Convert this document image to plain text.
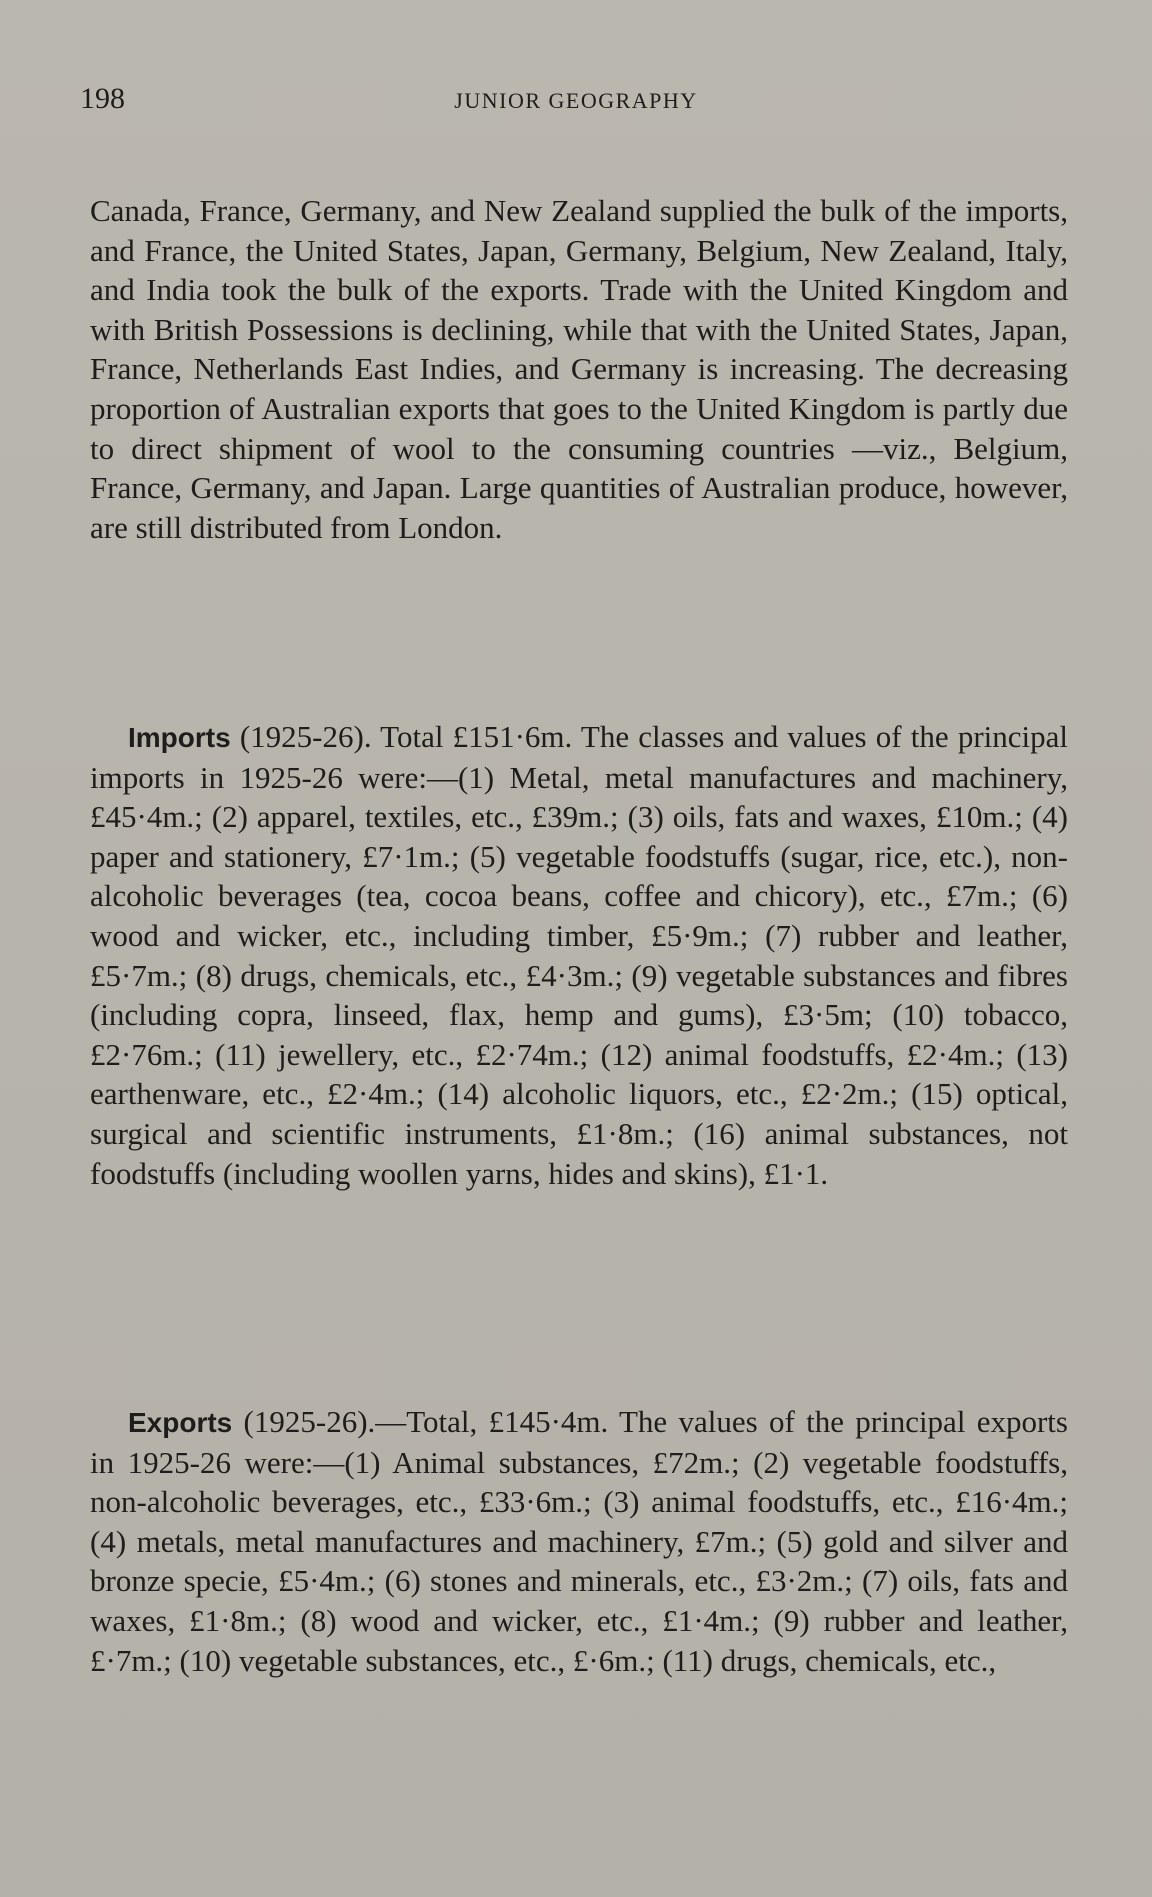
198	JUNIOR GEOGRAPHY

Canada, France, Germany, and New Zealand supplied the bulk of the imports, and France, the United States, Japan, Germany, Belgium, New Zealand, Italy, and India took the bulk of the exports. Trade with the United Kingdom and with British Possessions is declining, while that with the United States, Japan, France, Netherlands East Indies, and Germany is increasing. The decreasing proportion of Australian exports that goes to the United Kingdom is partly due to direct shipment of wool to the consuming countries —viz., Belgium, France, Germany, and Japan. Large quantities of Australian produce, however, are still distributed from London.

Imports (1925-26). Total £151·6m. The classes and values of the principal imports in 1925-26 were:—(1) Metal, metal manufactures and machinery, £45·4m.; (2) apparel, textiles, etc., £39m.; (3) oils, fats and waxes, £10m.; (4) paper and stationery, £7·1m.; (5) vegetable foodstuffs (sugar, rice, etc.), non-alcoholic beverages (tea, cocoa beans, coffee and chicory), etc., £7m.; (6) wood and wicker, etc., including timber, £5·9m.; (7) rubber and leather, £5·7m.; (8) drugs, chemicals, etc., £4·3m.; (9) vegetable substances and fibres (including copra, linseed, flax, hemp and gums), £3·5m; (10) tobacco, £2·76m.; (11) jewellery, etc., £2·74m.; (12) animal foodstuffs, £2·4m.; (13) earthenware, etc., £2·4m.; (14) alcoholic liquors, etc., £2·2m.; (15) optical, surgical and scientific instruments, £1·8m.; (16) animal substances, not foodstuffs (including woollen yarns, hides and skins), £1·1.

Exports (1925-26).—Total, £145·4m. The values of the principal exports in 1925-26 were:—(1) Animal substances, £72m.; (2) vegetable foodstuffs, non-alcoholic beverages, etc., £33·6m.; (3) animal foodstuffs, etc., £16·4m.; (4) metals, metal manufactures and machinery, £7m.; (5) gold and silver and bronze specie, £5·4m.; (6) stones and minerals, etc., £3·2m.; (7) oils, fats and waxes, £1·8m.; (8) wood and wicker, etc., £1·4m.; (9) rubber and leather, £·7m.; (10) vegetable substances, etc., £·6m.; (11) drugs, chemicals, etc.,
